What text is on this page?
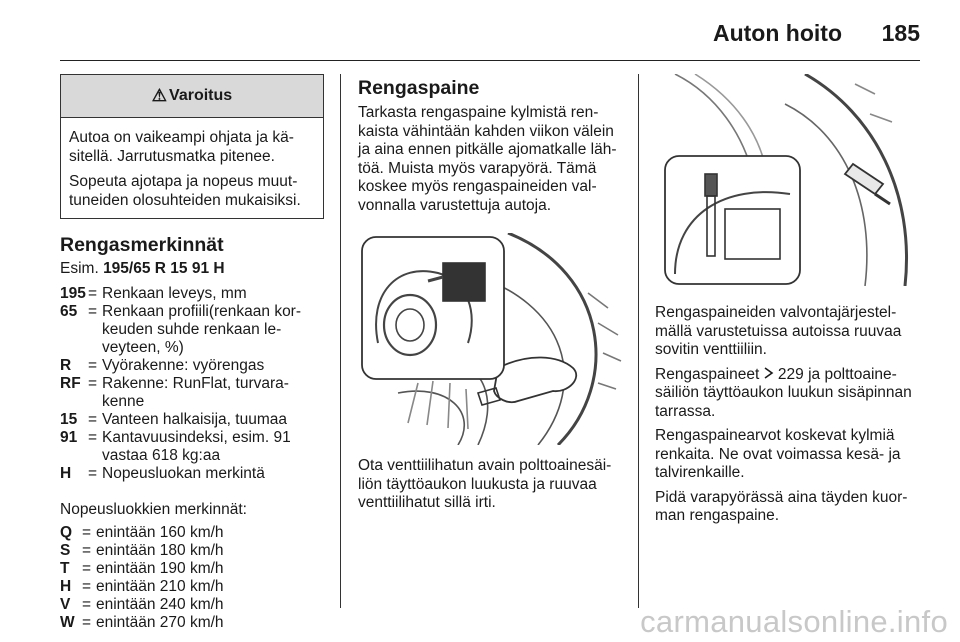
Auton hoito 185
⚠ Varoitus

Autoa on vaikeampi ohjata ja kä-sitellä. Jarrutusmatka pitenee.

Sopeuta ajotapa ja nopeus muut-tuneiden olosuhteiden mukaisiksi.

Rengasmerkinnät

Esim. 195/65 R 15 91 H

195 = Renkaan leveys, mm
65 = Renkaan profiili(renkaan kor-keuden suhde renkaan le-veyteen, %)
R	= Vyörakenne: vyörengas
RF = Rakenne: RunFlat, turvara-kenne
15 = Vanteen halkaisija, tuumaa
91 = Kantavuusindeksi, esim. 91 vastaa 618 kg:aa
H	= Nopeusluokan merkintä

Nopeusluokkien merkinnät:

Q = enintään 160 km/h
S = enintään 180 km/h
T = enintään 190 km/h
H = enintään 210 km/h
V = enintään 240 km/h
W = enintään 270 km/h
Rengaspaine

Tarkasta rengaspaine kylmistä ren-kaista vähintään kahden viikon välein ja aina ennen pitkälle ajomatkalle läh-töä. Muista myös varapyörä. Tämä koskee myös rengaspaineiden val-vonnalla varustettuja autoja.

Ota venttiilihatun avain polttoainesäi-liön täyttöaukon luukusta ja ruuvaa venttiilihatut sillä irti.

Rengaspaineiden valvontajärjestel-mällä varustetuissa autoissa ruuvaa sovitin venttiiliin.

Rengaspaineet 229 ja polttoaine-säiliön täyttöaukon luukun sisäpinnan tarrassa.

Rengaspainearvot koskevat kylmiä renkaita. Ne ovat voimassa kesä- ja talvirenkaille.

Pidä varapyörässä aina täyden kuor-man rengaspaine.

carmanualsonline.info
